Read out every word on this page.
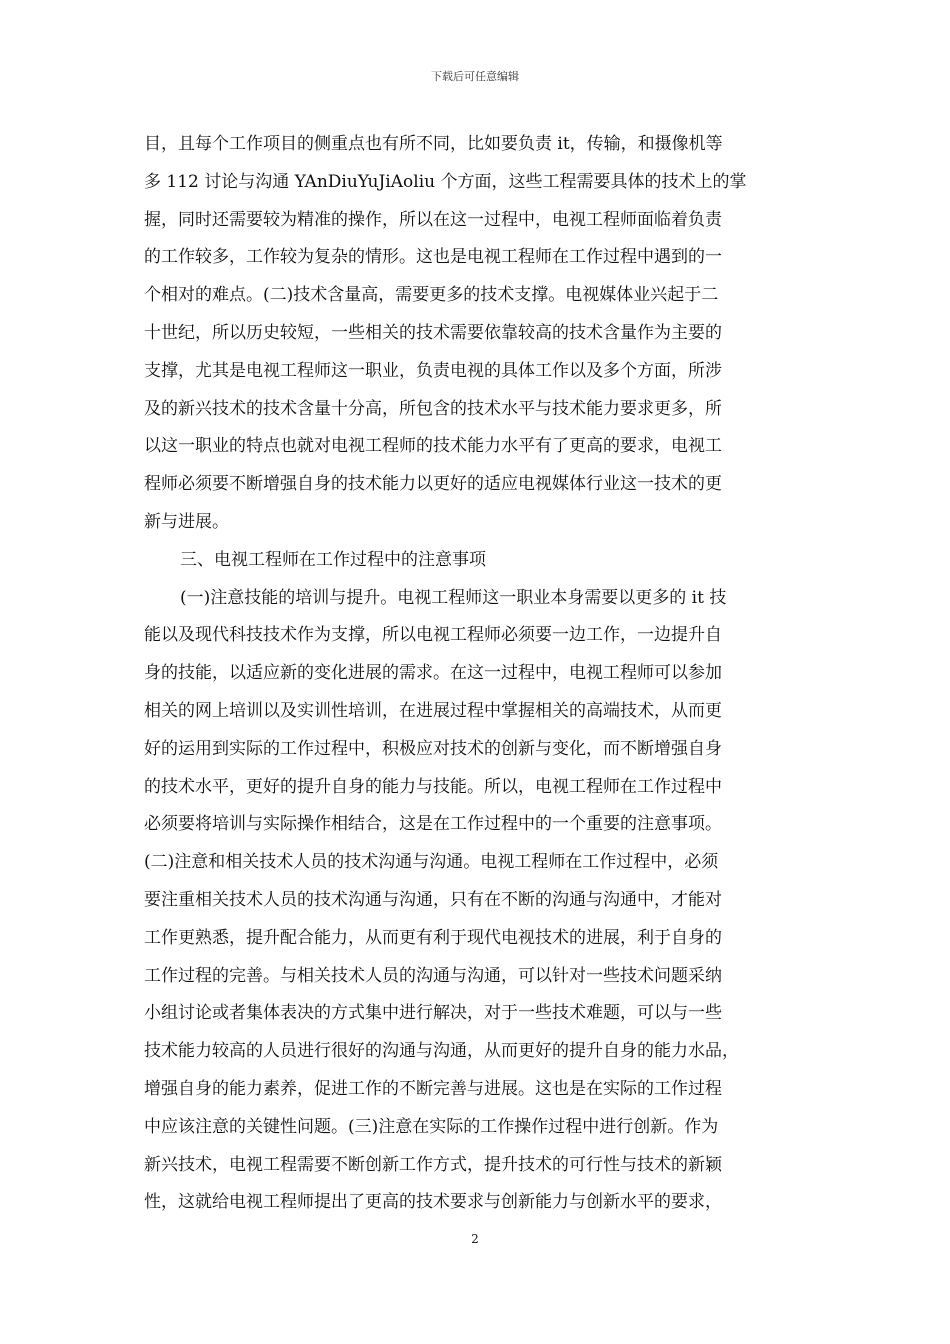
下载后可任意编辑
目，且每个工作项目的侧重点也有所不同，比如要负责 it，传输，和摄像机等
多 112 讨论与沟通 YAnDiuYuJiAoliu 个方面，这些工程需要具体的技术上的掌
握，同时还需要较为精准的操作，所以在这一过程中，电视工程师面临着负责
的工作较多，工作较为复杂的情形。这也是电视工程师在工作过程中遇到的一
个相对的难点。(二)技术含量高，需要更多的技术支撑。电视媒体业兴起于二
十世纪，所以历史较短，一些相关的技术需要依靠较高的技术含量作为主要的
支撑，尤其是电视工程师这一职业，负责电视的具体工作以及多个方面，所涉
及的新兴技术的技术含量十分高，所包含的技术水平与技术能力要求更多，所
以这一职业的特点也就对电视工程师的技术能力水平有了更高的要求，电视工
程师必须要不断增强自身的技术能力以更好的适应电视媒体行业这一技术的更
新与进展。
三、电视工程师在工作过程中的注意事项
(一)注意技能的培训与提升。电视工程师这一职业本身需要以更多的 it 技
能以及现代科技技术作为支撑，所以电视工程师必须要一边工作，一边提升自
身的技能，以适应新的变化进展的需求。在这一过程中，电视工程师可以参加
相关的网上培训以及实训性培训，在进展过程中掌握相关的高端技术，从而更
好的运用到实际的工作过程中，积极应对技术的创新与变化，而不断增强自身
的技术水平，更好的提升自身的能力与技能。所以，电视工程师在工作过程中
必须要将培训与实际操作相结合，这是在工作过程中的一个重要的注意事项。
(二)注意和相关技术人员的技术沟通与沟通。电视工程师在工作过程中，必须
要注重相关技术人员的技术沟通与沟通，只有在不断的沟通与沟通中，才能对
工作更熟悉，提升配合能力，从而更有利于现代电视技术的进展，利于自身的
工作过程的完善。与相关技术人员的沟通与沟通，可以针对一些技术问题采纳
小组讨论或者集体表决的方式集中进行解决，对于一些技术难题，可以与一些
技术能力较高的人员进行很好的沟通与沟通，从而更好的提升自身的能力水品，
增强自身的能力素养，促进工作的不断完善与进展。这也是在实际的工作过程
中应该注意的关键性问题。(三)注意在实际的工作操作过程中进行创新。作为
新兴技术，电视工程需要不断创新工作方式，提升技术的可行性与技术的新颖
性，这就给电视工程师提出了更高的技术要求与创新能力与创新水平的要求，
2
